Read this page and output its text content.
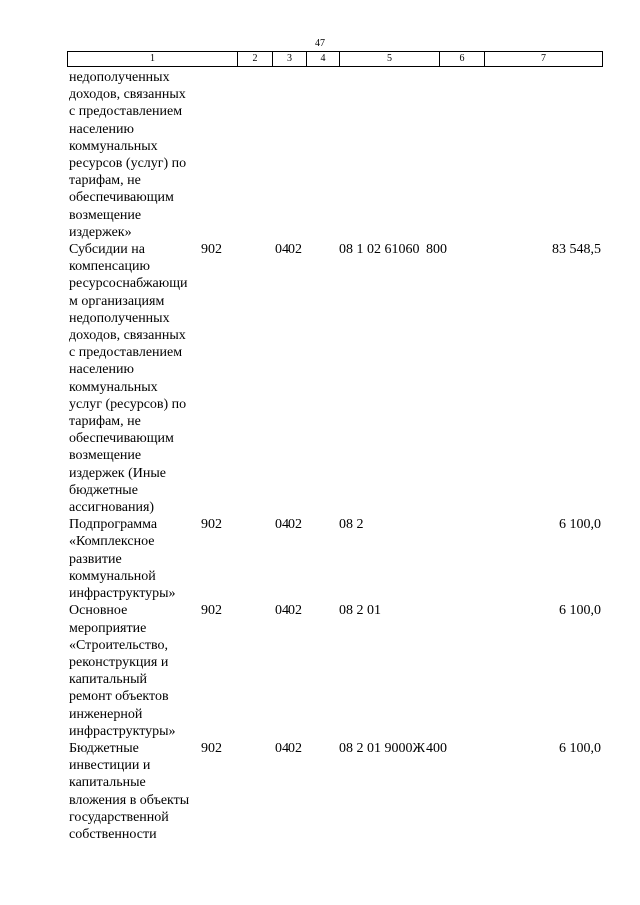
47
1	2	3	4	5	6	7
недополученных
доходов, связанных
с предоставлением
населению
коммунальных
ресурсов (услуг) по
тарифам, не
обеспечивающим
возмещение
издержек»
Субсидии на
компенсацию
ресурсоснабжающи
м организациям
недополученных
доходов, связанных
с предоставлением
населению
коммунальных
услуг (ресурсов) по
тарифам, не
обеспечивающим
возмещение
издержек (Иные
бюджетные
ассигнования)
902	04 02	08 1 02 61060 800	83 548,5
Подпрограмма
«Комплексное
развитие
коммунальной
инфраструктуры»
902	04 02	08 2	6 100,0
Основное
мероприятие
«Строительство,
реконструкция и
капитальный
ремонт объектов
инженерной
инфраструктуры»
902	04 02	08 2 01	6 100,0
Бюджетные
инвестиции и
капитальные
вложения в объекты
государственной
собственности
902	04 02	08 2 01 9000Ж 400	6 100,0
